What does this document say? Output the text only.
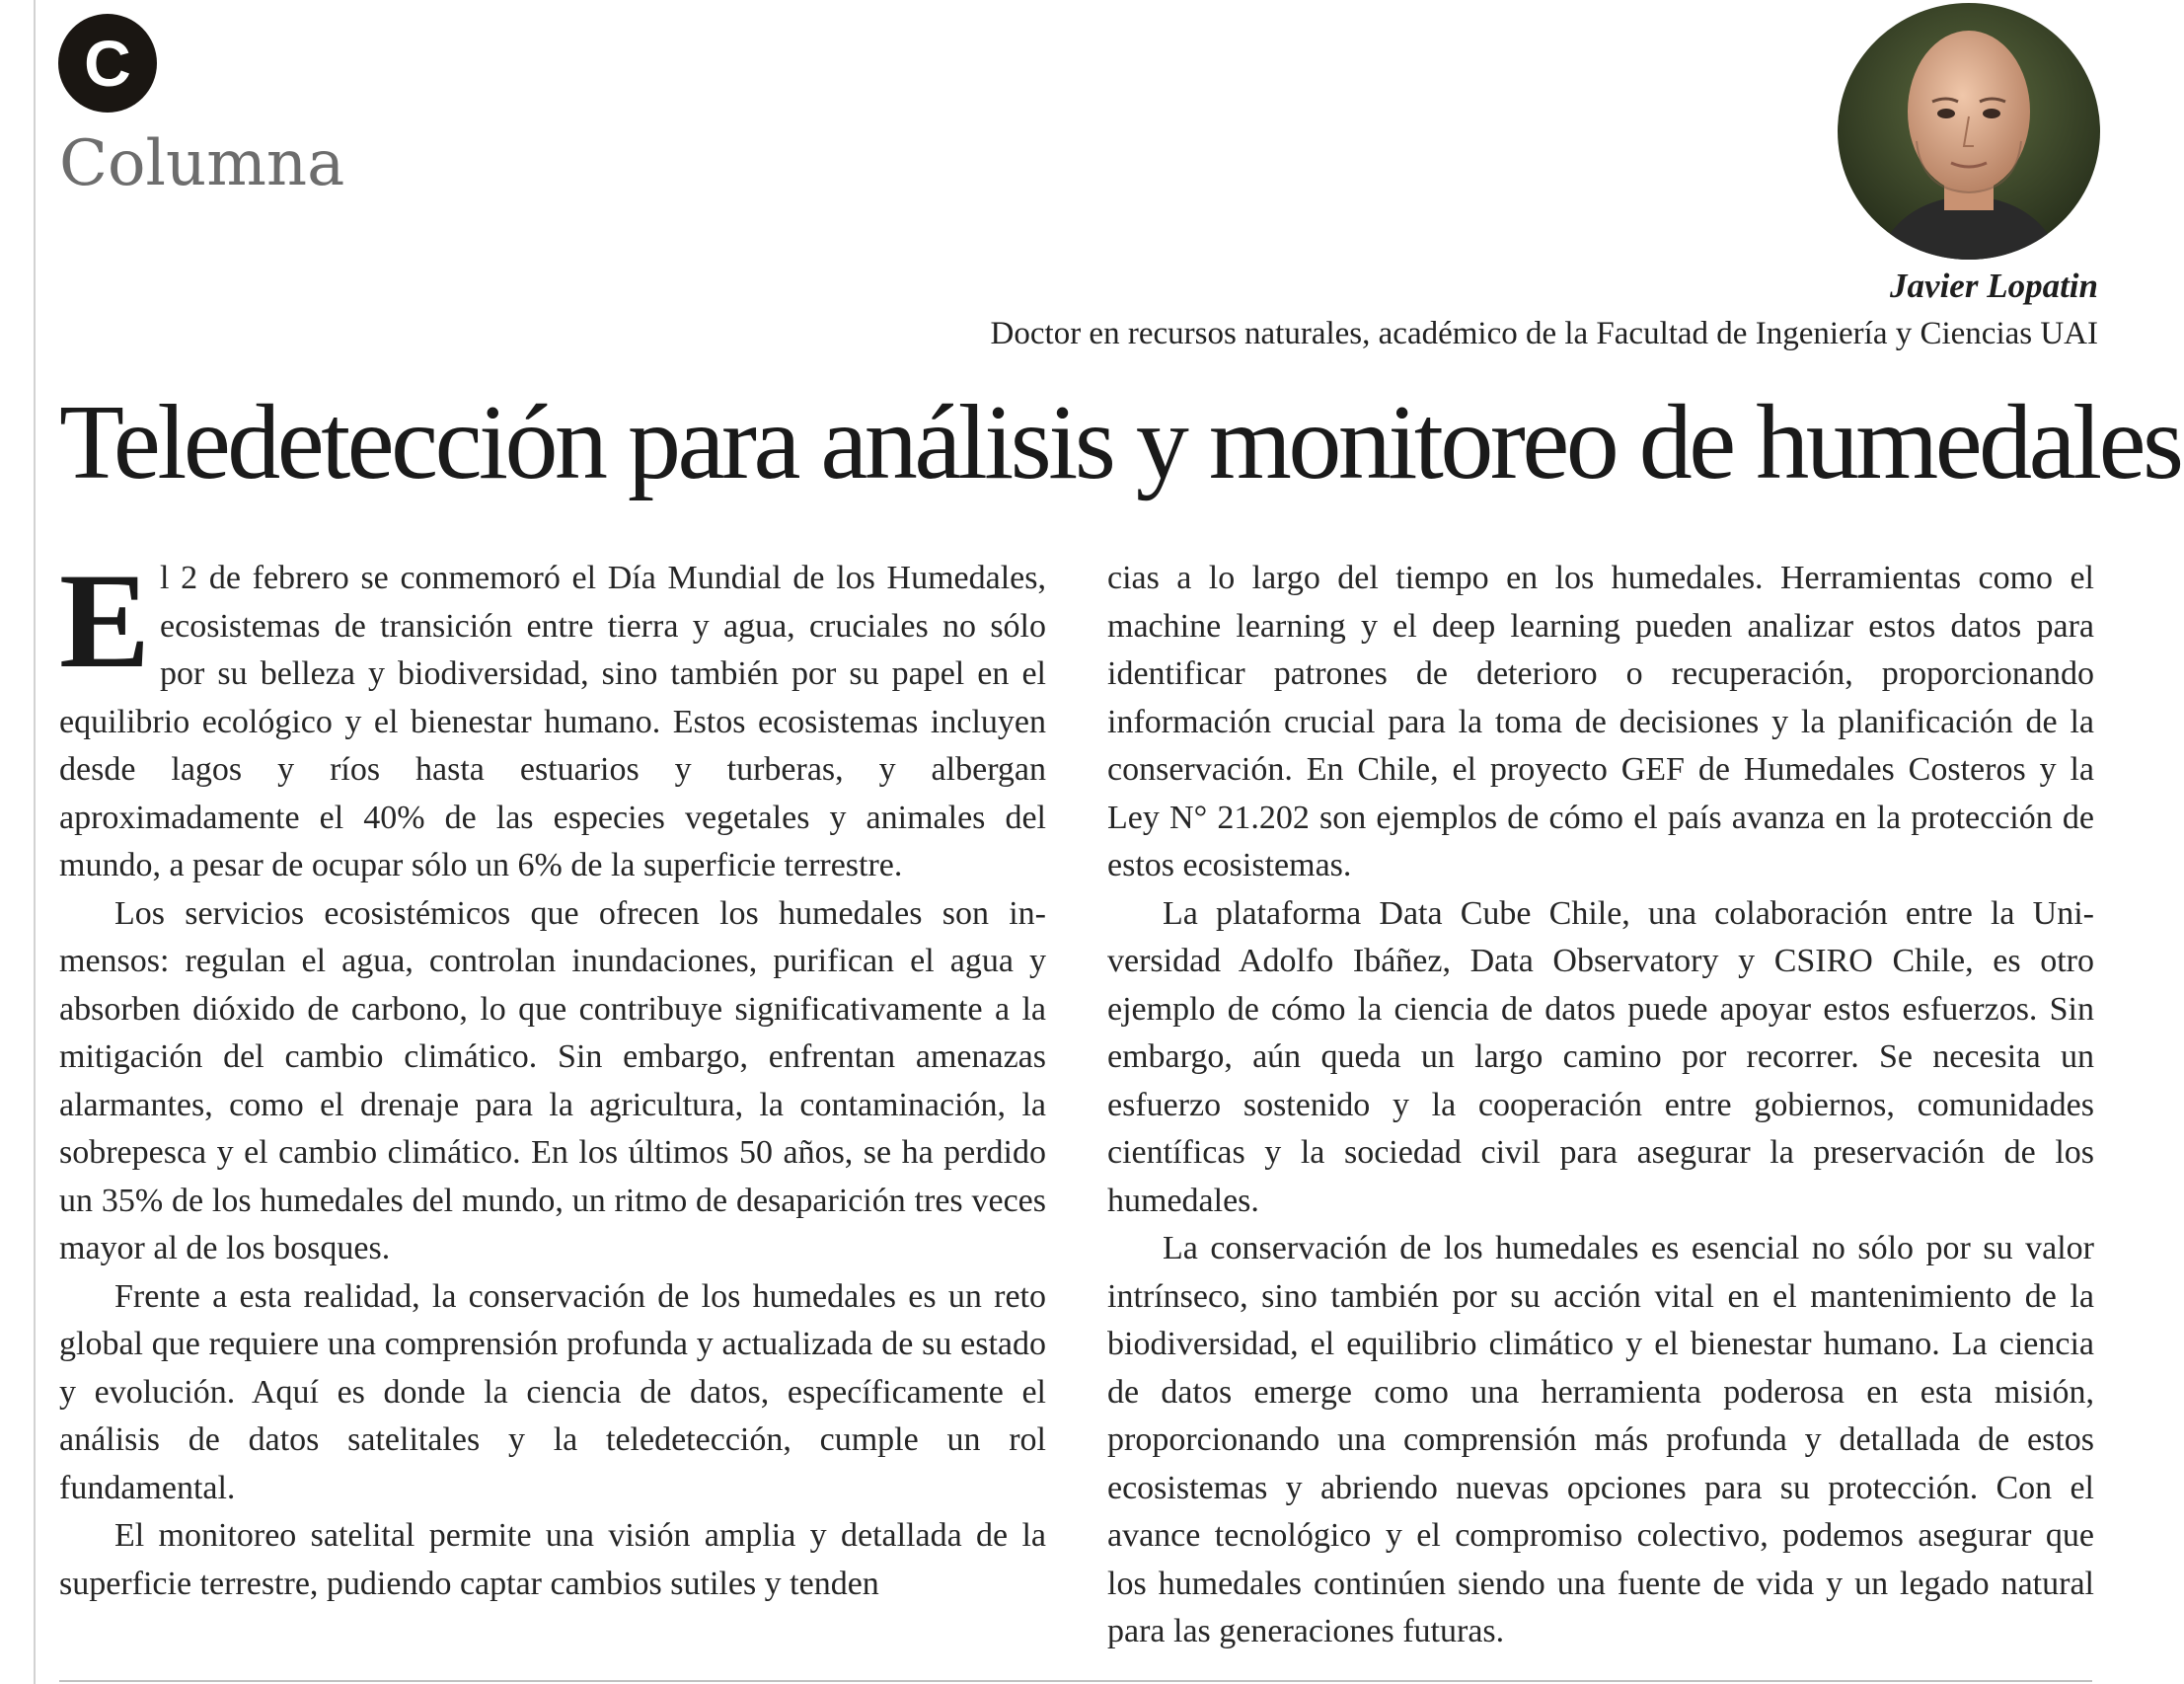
C
Columna
Javier Lopatin
Doctor en recursos naturales, académico de la Facultad de Ingeniería y Ciencias UAI
Teledetección para análisis y monitoreo de humedales

El 2 de febrero se conmemoró el Día Mundial de los Humedales, ecosistemas de transición entre tierra y agua, cruciales no sólo por su belleza y biodiversidad, sino también por su papel en el equilibrio ecológico y el bienestar humano. Estos ecosistemas incluyen desde lagos y ríos hasta estuarios y turberas, y albergan aproximadamente el 40% de las especies vegetales y animales del mundo, a pesar de ocupar sólo un 6% de la superficie terrestre.

Los servicios ecosistémicos que ofrecen los humedales son inmensos: regulan el agua, controlan inundaciones, purifican el agua y absorben dióxido de carbono, lo que contribuye significativamente a la mitigación del cambio climático. Sin embargo, enfrentan amenazas alarmantes, como el drenaje para la agricultura, la contaminación, la sobrepesca y el cambio climático. En los últimos 50 años, se ha perdido un 35% de los humedales del mundo, un ritmo de desaparición tres veces mayor al de los bosques.

Frente a esta realidad, la conservación de los humedales es un reto global que requiere una comprensión profunda y actualizada de su estado y evolución. Aquí es donde la ciencia de datos, específicamente el análisis de datos satelitales y la teledetección, cumple un rol fundamental.

El monitoreo satelital permite una visión amplia y detallada de la superficie terrestre, pudiendo captar cambios sutiles y tenden

cias a lo largo del tiempo en los humedales. Herramientas como el machine learning y el deep learning pueden analizar estos datos para identificar patrones de deterioro o recuperación, proporcionando información crucial para la toma de decisiones y la planificación de la conservación. En Chile, el proyecto GEF de Humedales Costeros y la Ley N° 21.202 son ejemplos de cómo el país avanza en la protección de estos ecosistemas.

La plataforma Data Cube Chile, una colaboración entre la Universidad Adolfo Ibáñez, Data Observatory y CSIRO Chile, es otro ejemplo de cómo la ciencia de datos puede apoyar estos esfuerzos. Sin embargo, aún queda un largo camino por recorrer. Se necesita un esfuerzo sostenido y la cooperación entre gobiernos, comunidades científicas y la sociedad civil para asegurar la preservación de los humedales.

La conservación de los humedales es esencial no sólo por su valor intrínseco, sino también por su acción vital en el mantenimiento de la biodiversidad, el equilibrio climático y el bienestar humano. La ciencia de datos emerge como una herramienta poderosa en esta misión, proporcionando una comprensión más profunda y detallada de estos ecosistemas y abriendo nuevas opciones para su protección. Con el avance tecnológico y el compromiso colectivo, podemos asegurar que los humedales continúen siendo una fuente de vida y un legado natural para las generaciones futuras.
